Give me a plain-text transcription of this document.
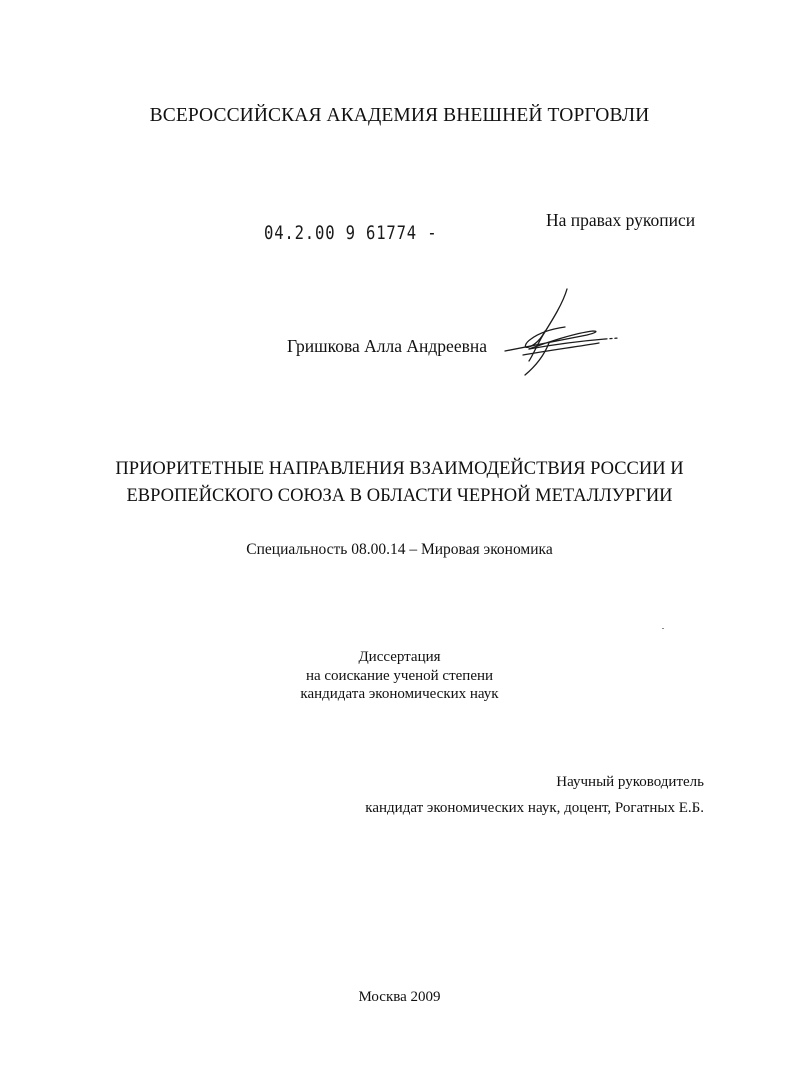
ВСЕРОССИЙСКАЯ АКАДЕМИЯ ВНЕШНЕЙ ТОРГОВЛИ
04.2.00 9 61774 -
На правах рукописи
Гришкова Алла Андреевна
ПРИОРИТЕТНЫЕ НАПРАВЛЕНИЯ ВЗАИМОДЕЙСТВИЯ РОССИИ И
ЕВРОПЕЙСКОГО СОЮЗА В ОБЛАСТИ ЧЕРНОЙ МЕТАЛЛУРГИИ
Специальность 08.00.14 – Мировая экономика
Диссертация
на соискание ученой степени
кандидата экономических наук
Научный руководитель
кандидат экономических наук, доцент, Рогатных Е.Б.
Москва 2009
